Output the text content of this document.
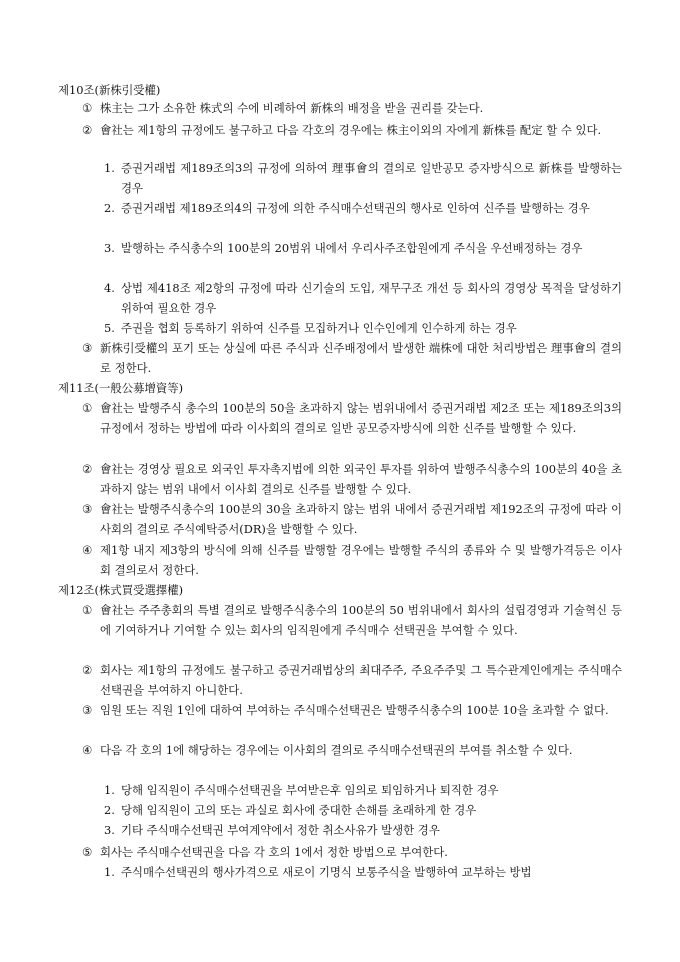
제10조(新株引受權)
① 株主는 그가 소유한 株式의 수에 비례하여 新株의 배정을 받을 권리를 갖는다.
② 會社는 제1항의 규정에도 불구하고 다음 각호의 경우에는 株主이외의 자에게 新株를 配定 할 수 있다.
1. 증권거래법 제189조의3의 규정에 의하여 理事會의 결의로 일반공모 증자방식으로 新株를 발행하는 경우
2. 증권거래법 제189조의4의 규정에 의한 주식매수선택권의 행사로 인하여 신주를 발행하는 경우
3. 발행하는 주식총수의 100분의 20범위 내에서 우리사주조합원에게 주식을 우선배정하는 경우
4. 상법 제418조 제2항의 규정에 따라 신기술의 도입, 재무구조 개선 등 회사의 경영상 목적을 달성하기 위하여 필요한 경우
5. 주권을 협회 등록하기 위하여 신주를 모집하거나 인수인에게 인수하게 하는 경우
③ 新株引受權의 포기 또는 상실에 따른 주식과 신주배정에서 발생한 端株에 대한 처리방법은 理事會의 결의로 정한다.
제11조(一般公募增資等)
① 會社는 발행주식 총수의 100분의 50을 초과하지 않는 범위내에서 증권거래법 제2조 또는 제189조의3의 규정에서 정하는 방법에 따라 이사회의 결의로 일반 공모증자방식에 의한 신주를 발행할 수 있다.
② 會社는 경영상 필요로 외국인 투자촉지법에 의한 외국인 투자를 위하여 발행주식총수의 100분의 40을 초과하지 않는 범위 내에서 이사회 결의로 신주를 발행할 수 있다.
③ 會社는 발행주식총수의 100분의 30을 초과하지 않는 범위 내에서 증권거래법 제192조의 규정에 따라 이사회의 결의로 주식예탁증서(DR)을 발행할 수 있다.
④ 제1항 내지 제3항의 방식에 의해 신주를 발행할 경우에는 발행할 주식의 종류와 수 및 발행가격등은 이사회 결의로서 정한다.
제12조(株式買受選擇權)
① 會社는 주주총회의 특별 결의로 발행주식총수의 100분의 50 범위내에서 회사의 설립경영과 기술혁신 등에 기여하거나 기여할 수 있는 회사의 임직원에게 주식매수 선택권을 부여할 수 있다.
② 회사는 제1항의 규정에도 불구하고 증권거래법상의 최대주주, 주요주주및 그 특수관계인에게는 주식매수선택권을 부여하지 아니한다.
③ 임원 또는 직원 1인에 대하여 부여하는 주식매수선택권은 발행주식총수의 100분 10을 초과할 수 없다.
④ 다음 각 호의 1에 해당하는 경우에는 이사회의 결의로 주식매수선택권의 부여를 취소할 수 있다.
1. 당해 임직원이 주식매수선택권을 부여받은후 임의로 퇴임하거나 퇴직한 경우
2. 당해 임직원이 고의 또는 과실로 회사에 중대한 손해를 초래하게 한 경우
3. 기타 주식매수선택권 부여계약에서 정한 취소사유가 발생한 경우
⑤ 회사는 주식매수선택권을 다음 각 호의 1에서 정한 방법으로 부여한다.
1. 주식매수선택권의 행사가격으로 새로이 기명식 보통주식을 발행하여 교부하는 방법
